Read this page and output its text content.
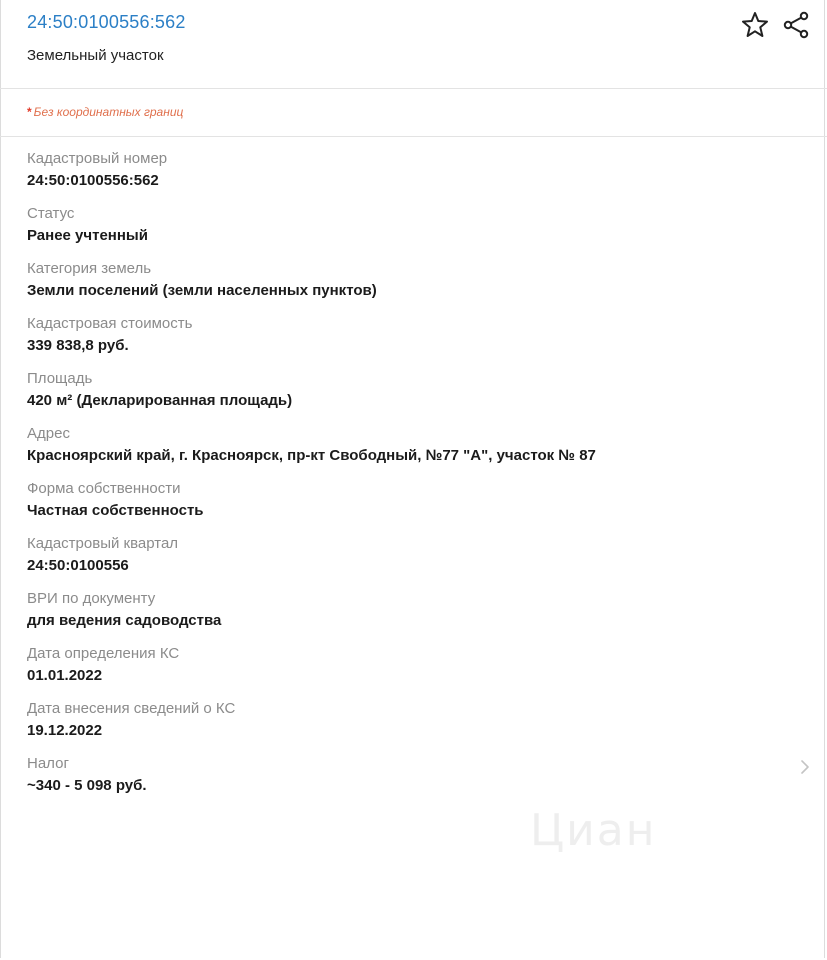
24:50:0100556:562
Земельный участок
* Без координатных границ
Кадастровый номер
24:50:0100556:562
Статус
Ранее учтенный
Категория земель
Земли поселений (земли населенных пунктов)
Кадастровая стоимость
339 838,8 руб.
Площадь
420 м² (Декларированная площадь)
Адрес
Красноярский край, г. Красноярск, пр-кт Свободный, №77 "А", участок № 87
Форма собственности
Частная собственность
Кадастровый квартал
24:50:0100556
ВРИ по документу
для ведения садоводства
Дата определения КС
01.01.2022
Дата внесения сведений о КС
19.12.2022
Налог
~340 - 5 098 руб.
Циан
